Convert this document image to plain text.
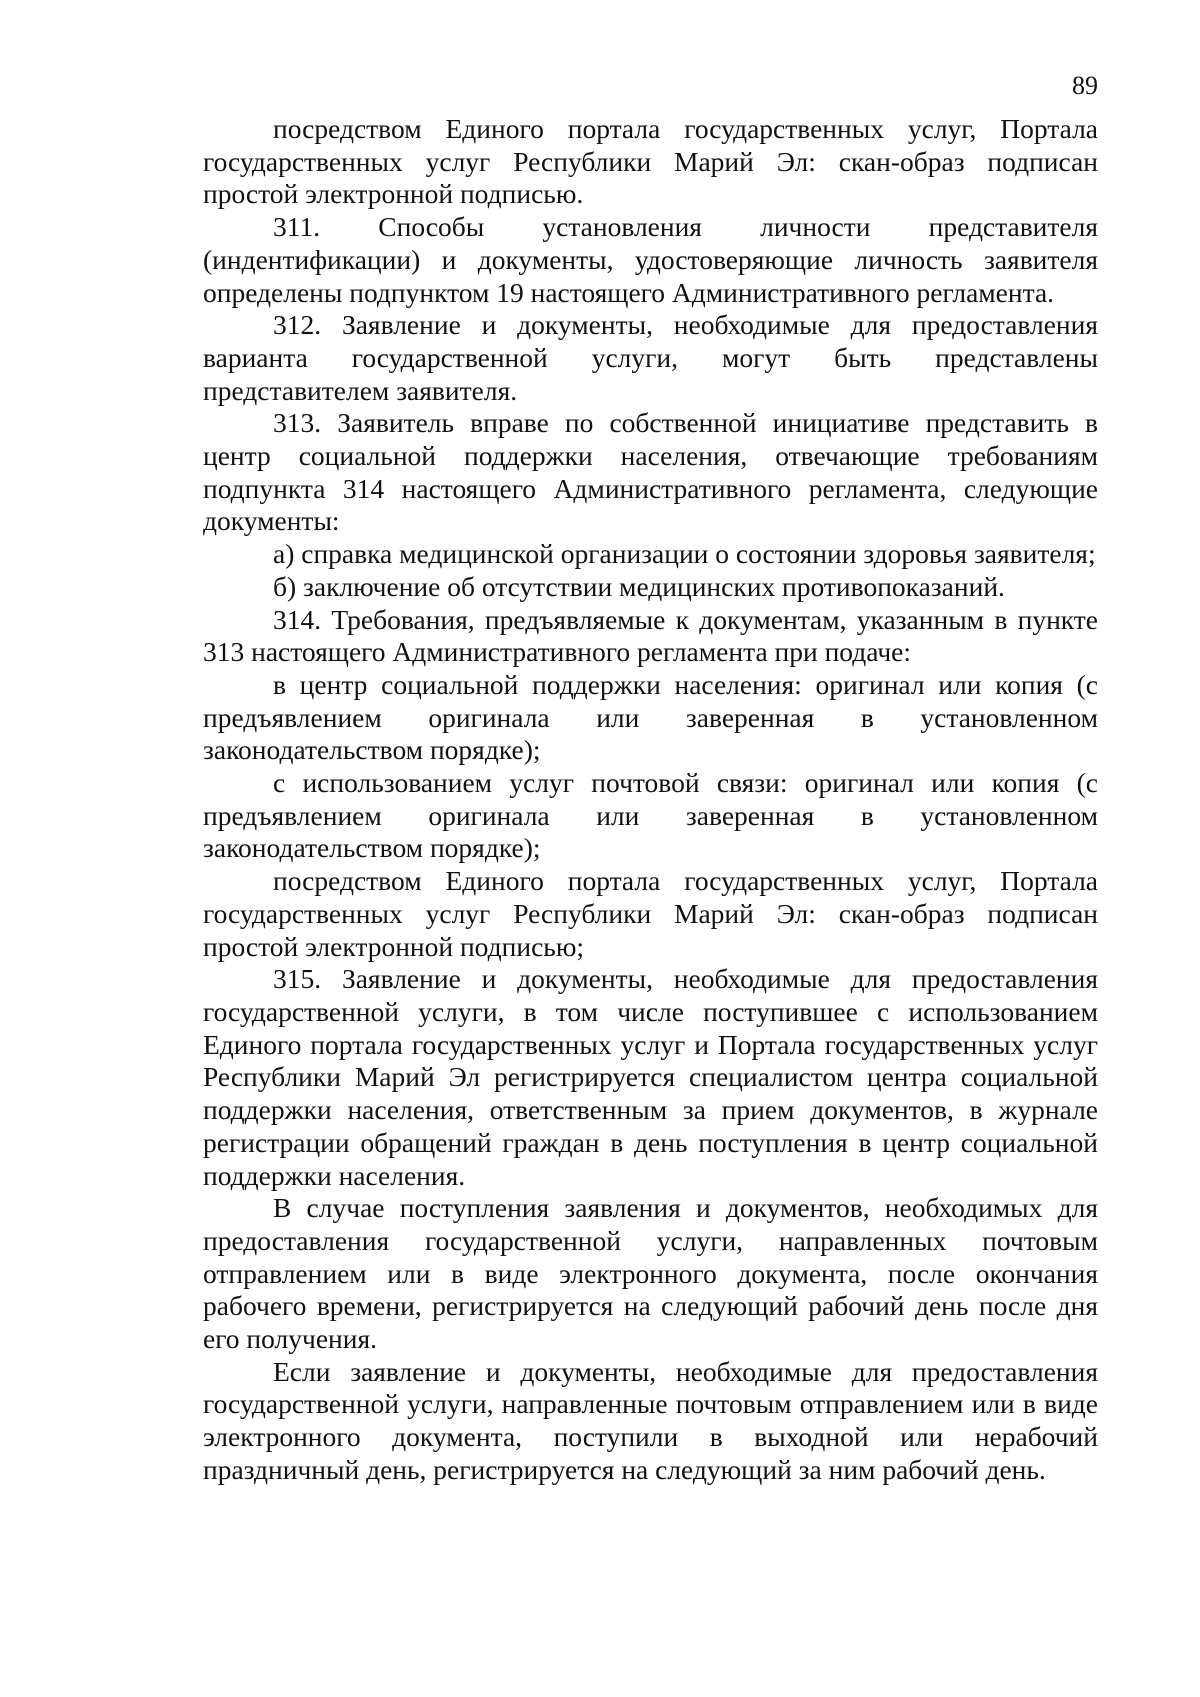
89

посредством Единого портала государственных услуг, Портала государственных услуг Республики Марий Эл: скан-образ подписан простой электронной подписью.

311. Способы установления личности представителя (индентификации) и документы, удостоверяющие личность заявителя определены подпунктом 19 настоящего Административного регламента.

312. Заявление и документы, необходимые для предоставления варианта государственной услуги, могут быть представлены представителем заявителя.

313. Заявитель вправе по собственной инициативе представить в центр социальной поддержки населения, отвечающие требованиям подпункта 314 настоящего Административного регламента, следующие документы:

а) справка медицинской организации о состоянии здоровья заявителя;

б) заключение об отсутствии медицинских противопоказаний.

314. Требования, предъявляемые к документам, указанным в пункте 313 настоящего Административного регламента при подаче:

в центр социальной поддержки населения: оригинал или копия (с предъявлением оригинала или заверенная в установленном законодательством порядке);

с использованием услуг почтовой связи: оригинал или копия (с предъявлением оригинала или заверенная в установленном законодательством порядке);

посредством Единого портала государственных услуг, Портала государственных услуг Республики Марий Эл: скан-образ подписан простой электронной подписью;

315. Заявление и документы, необходимые для предоставления государственной услуги, в том числе поступившее с использованием Единого портала государственных услуг и Портала государственных услуг Республики Марий Эл регистрируется специалистом центра социальной поддержки населения, ответственным за прием документов, в журнале регистрации обращений граждан в день поступления в центр социальной поддержки населения.

В случае поступления заявления и документов, необходимых для предоставления государственной услуги, направленных почтовым отправлением или в виде электронного документа, после окончания рабочего времени, регистрируется на следующий рабочий день после дня его получения.

Если заявление и документы, необходимые для предоставления государственной услуги, направленные почтовым отправлением или в виде электронного документа, поступили в выходной или нерабочий праздничный день, регистрируется на следующий за ним рабочий день.
